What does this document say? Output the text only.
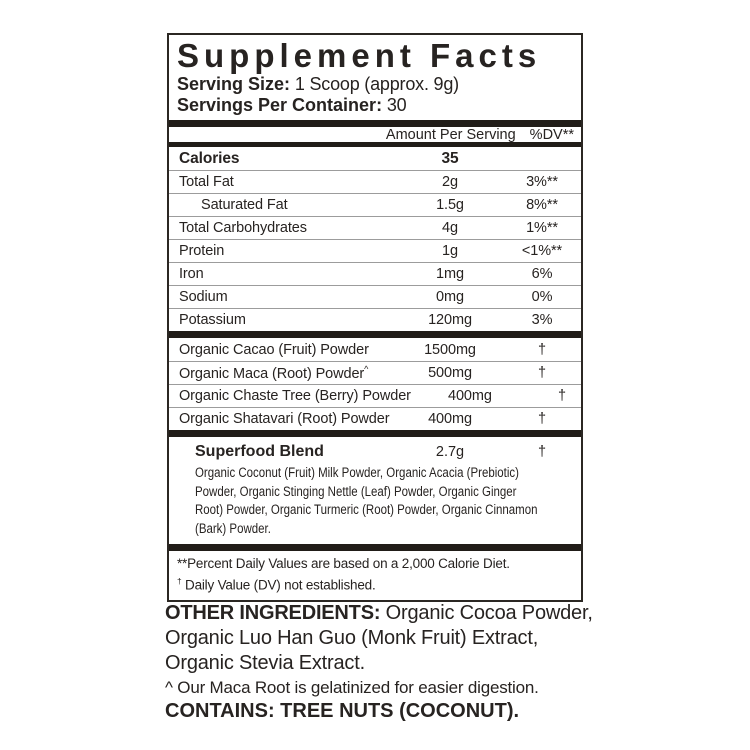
Supplement Facts
Serving Size: 1 Scoop (approx. 9g)
Servings Per Container: 30
Amount Per Serving %DV**
Calories	35
Total Fat	2g	3%**
Saturated Fat	1.5g	8%**
Total Carbohydrates	4g	1%**
Protein	1g	<1%**
Iron	1mg	6%
Sodium	0mg	0%
Potassium	120mg	3%
Organic Cacao (Fruit) Powder	1500mg	†
Organic Maca (Root) Powder^	500mg	†
Organic Chaste Tree (Berry) Powder	400mg	†
Organic Shatavari (Root) Powder	400mg	†
Superfood Blend	2.7g	†
Organic Coconut (Fruit) Milk Powder, Organic Acacia (Prebiotic) Powder, Organic Stinging Nettle (Leaf) Powder, Organic Ginger Root) Powder, Organic Turmeric (Root) Powder, Organic Cinnamon (Bark) Powder.
**Percent Daily Values are based on a 2,000 Calorie Diet.
† Daily Value (DV) not established.
OTHER INGREDIENTS: Organic Cocoa Powder,
Organic Luo Han Guo (Monk Fruit) Extract,
Organic Stevia Extract.
^ Our Maca Root is gelatinized for easier digestion.
CONTAINS: TREE NUTS (COCONUT).
